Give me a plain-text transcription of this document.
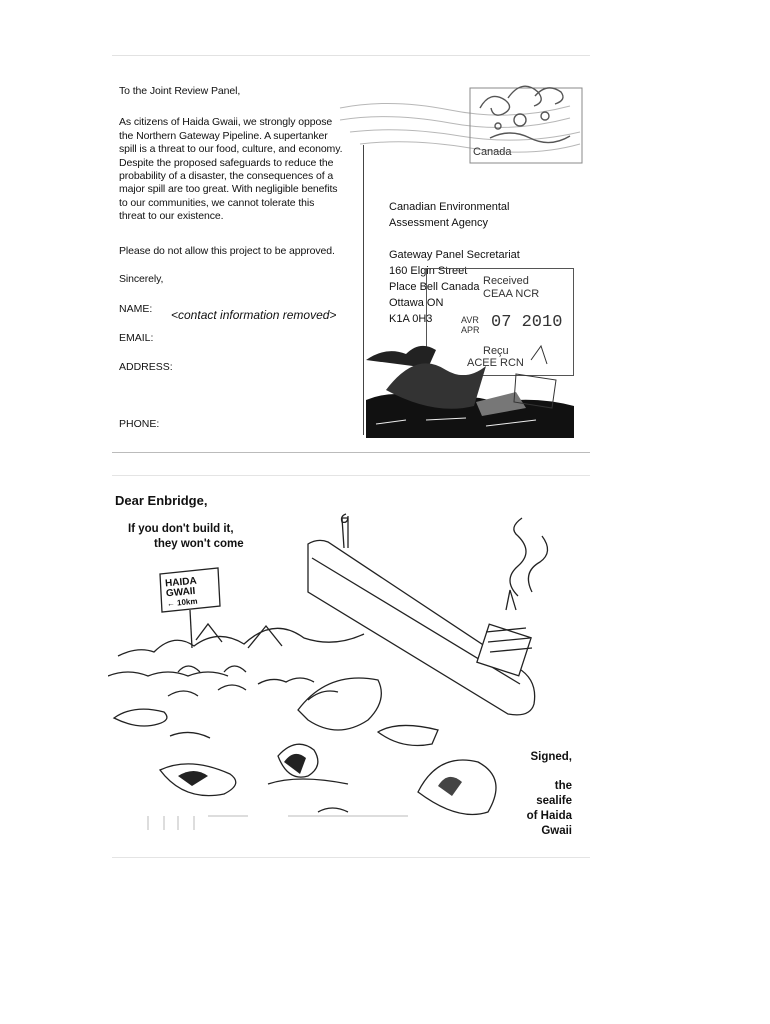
To the Joint Review Panel,

As citizens of Haida Gwaii, we strongly oppose

the Northern Gateway Pipeline. A supertanker

spill is a threat to our food, culture, and economy.

Despite the proposed safeguards to reduce the

probability of a disaster, the consequences of a

major spill are too great. With negligible benefits

to our communities, we cannot tolerate this

threat to our existence.

Please do not allow this project to be approved.
Sincerely,
NAME: <contact information removed>
EMAIL:
ADDRESS:
PHONE:
Canada
Canadian Environmental
Assessment Agency
Gateway Panel Secretariat
160 Elgin Street
Place Bell Canada
Ottawa ON
K1A 0H3
Received
CEAA NCR
AVR
APR 07 2010
Reçu
ACEE RCN
Dear Enbridge,
If you don't build it,
they won't come
HAIDA
GWAII
← 10km
Signed,
the
sealife
of Haida
Gwaii
